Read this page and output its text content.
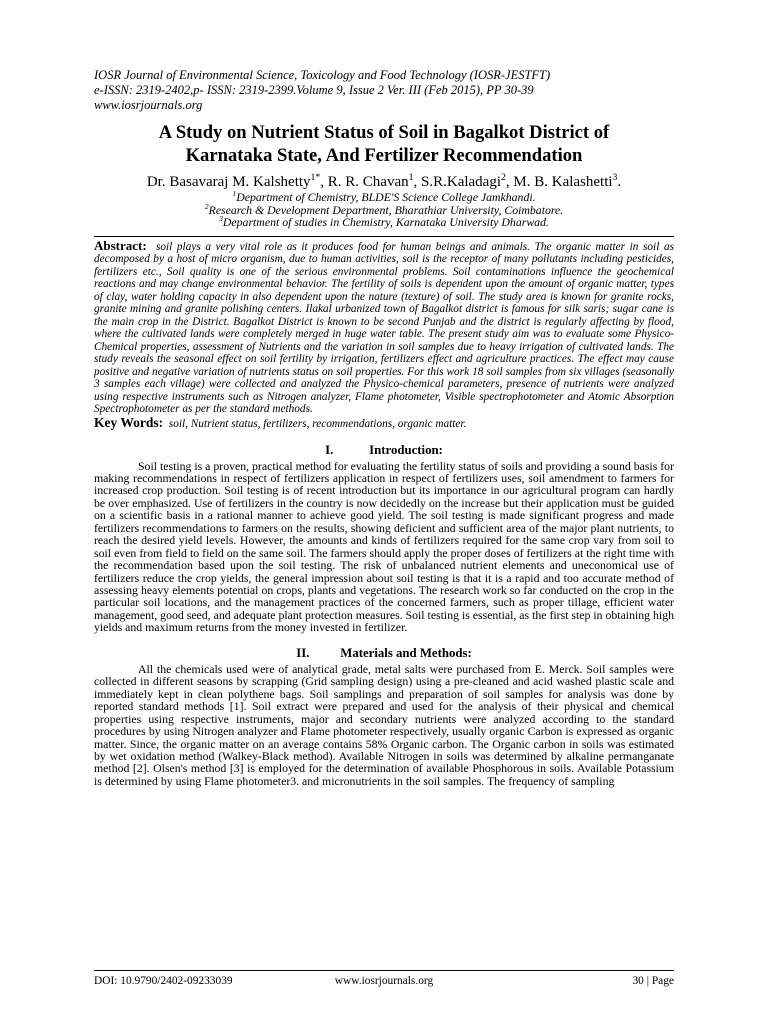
IOSR Journal of Environmental Science, Toxicology and Food Technology (IOSR-JESTFT)
e-ISSN: 2319-2402,p- ISSN: 2319-2399.Volume 9, Issue 2 Ver. III (Feb 2015), PP 30-39
www.iosrjournals.org
A Study on Nutrient Status of Soil in Bagalkot District of
Karnataka State, And Fertilizer Recommendation
Dr. Basavaraj M. Kalshetty$^{1*}$, R. R. Chavan$^1$, S.R.Kaladagi$^2$, M. B. Kalashetti$^3$.
$^1$Department of Chemistry, BLDE'S Science College Jamkhandi.
$^2$Research & Development Department, Bharathiar University, Coimbatore.
$^3$Department of studies in Chemistry, Karnataka University Dharwad.
Abstract: soil plays a very vital role as it produces food for human beings and animals. The organic matter in soil as decomposed by a host of micro organism, due to human activities, soil is the receptor of many pollutants including pesticides, fertilizers etc., Soil quality is one of the serious environmental problems. Soil contaminations influence the geochemical reactions and may change environmental behavior. The fertility of soils is dependent upon the amount of organic matter, types of clay, water holding capacity in also dependent upon the nature (texture) of soil. The study area is known for granite rocks, granite mining and granite polishing centers. Ilakal urbanized town of Bagalkot district is famous for silk saris; sugar cane is the main crop in the District. Bagalkot District is known to be second Punjab and the district is regularly affecting by flood, where the cultivated lands were completely merged in huge water table. The present study aim was to evaluate some Physico-Chemical properties, assessment of Nutrients and the variation in soil samples due to heavy irrigation of cultivated lands. The study reveals the seasonal effect on soil fertility by irrigation, fertilizers effect and agriculture practices. The effect may cause positive and negative variation of nutrients status on soil properties. For this work 18 soil samples from six villages (seasonally 3 samples each village) were collected and analyzed the Physico-chemical parameters, presence of nutrients were analyzed using respective instruments such as Nitrogen analyzer, Flame photometer, Visible spectrophotometer and Atomic Absorption Spectrophotometer as per the standard methods.
Key Words: soil, Nutrient status, fertilizers, recommendations, organic matter.
I.	Introduction:
Soil testing is a proven, practical method for evaluating the fertility status of soils and providing a sound basis for making recommendations in respect of fertilizers application in respect of fertilizers uses, soil amendment to farmers for increased crop production. Soil testing is of recent introduction but its importance in our agricultural program can hardly be over emphasized. Use of fertilizers in the country is now decidedly on the increase but their application must be guided on a scientific basis in a rational manner to achieve good yield. The soil testing is made significant progress and made fertilizers recommendations to farmers on the results, showing deficient and sufficient area of the major plant nutrients, to reach the desired yield levels. However, the amounts and kinds of fertilizers required for the same crop vary from soil to soil even from field to field on the same soil. The farmers should apply the proper doses of fertilizers at the right time with the recommendation based upon the soil testing. The risk of unbalanced nutrient elements and uneconomical use of fertilizers reduce the crop yields, the general impression about soil testing is that it is a rapid and too accurate method of assessing heavy elements potential on crops, plants and vegetations. The research work so far conducted on the crop in the particular soil locations, and the management practices of the concerned farmers, such as proper tillage, efficient water management, good seed, and adequate plant protection measures. Soil testing is essential, as the first step in obtaining high yields and maximum returns from the money invested in fertilizer.
II. Materials and Methods:
All the chemicals used were of analytical grade, metal salts were purchased from E. Merck. Soil samples were collected in different seasons by scrapping (Grid sampling design) using a pre-cleaned and acid washed plastic scale and immediately kept in clean polythene bags. Soil samplings and preparation of soil samples for analysis was done by reported standard methods [1]. Soil extract were prepared and used for the analysis of their physical and chemical properties using respective instruments, major and secondary nutrients were analyzed according to the standard procedures by using Nitrogen analyzer and Flame photometer respectively, usually organic Carbon is expressed as organic matter. Since, the organic matter on an average contains 58% Organic carbon. The Organic carbon in soils was estimated by wet oxidation method (Walkey-Black method). Available Nitrogen in soils was determined by alkaline permanganate method [2]. Olsen's method [3] is employed for the determination of available Phosphorous in soils. Available Potassium is determined by using Flame photometer3. and micronutrients in the soil samples. The frequency of sampling
DOI: 10.9790/2402-09233039	www.iosrjournals.org	30 | Page
